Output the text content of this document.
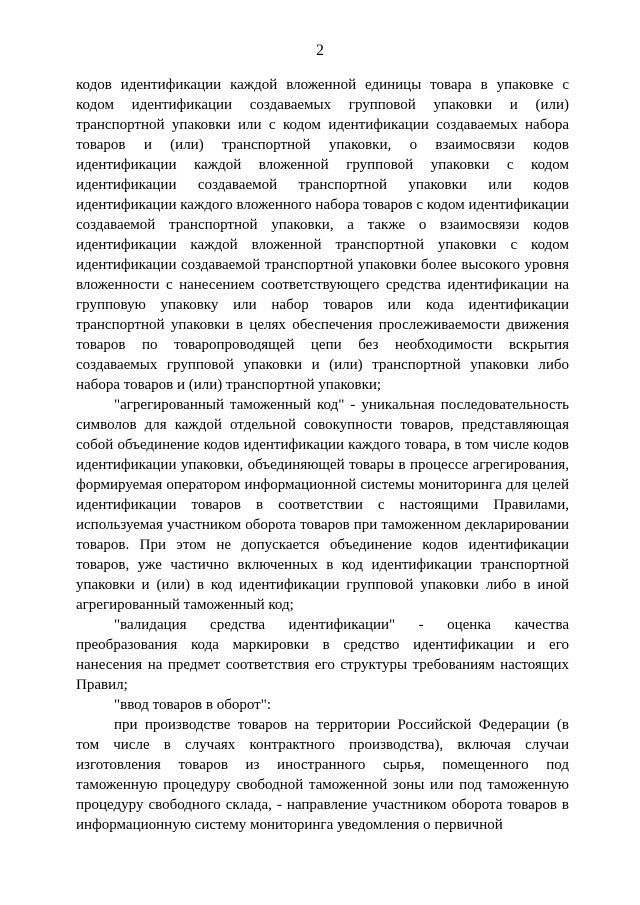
2

кодов идентификации каждой вложенной единицы товара в упаковке с кодом идентификации создаваемых групповой упаковки и (или) транспортной упаковки или с кодом идентификации создаваемых набора товаров и (или) транспортной упаковки, о взаимосвязи кодов идентификации каждой вложенной групповой упаковки с кодом идентификации создаваемой транспортной упаковки или кодов идентификации каждого вложенного набора товаров с кодом идентификации создаваемой транспортной упаковки, а также о взаимосвязи кодов идентификации каждой вложенной транспортной упаковки с кодом идентификации создаваемой транспортной упаковки более высокого уровня вложенности с нанесением соответствующего средства идентификации на групповую упаковку или набор товаров или кода идентификации транспортной упаковки в целях обеспечения прослеживаемости движения товаров по товаропроводящей цепи без необходимости вскрытия создаваемых групповой упаковки и (или) транспортной упаковки либо набора товаров и (или) транспортной упаковки;

"агрегированный таможенный код" - уникальная последовательность символов для каждой отдельной совокупности товаров, представляющая собой объединение кодов идентификации каждого товара, в том числе кодов идентификации упаковки, объединяющей товары в процессе агрегирования, формируемая оператором информационной системы мониторинга для целей идентификации товаров в соответствии с настоящими Правилами, используемая участником оборота товаров при таможенном декларировании товаров. При этом не допускается объединение кодов идентификации товаров, уже частично включенных в код идентификации транспортной упаковки и (или) в код идентификации групповой упаковки либо в иной агрегированный таможенный код;

"валидация средства идентификации" - оценка качества преобразования кода маркировки в средство идентификации и его нанесения на предмет соответствия его структуры требованиям настоящих Правил;

"ввод товаров в оборот":

при производстве товаров на территории Российской Федерации (в том числе в случаях контрактного производства), включая случаи изготовления товаров из иностранного сырья, помещенного под таможенную процедуру свободной таможенной зоны или под таможенную процедуру свободного склада, - направление участником оборота товаров в информационную систему мониторинга уведомления о первичной
